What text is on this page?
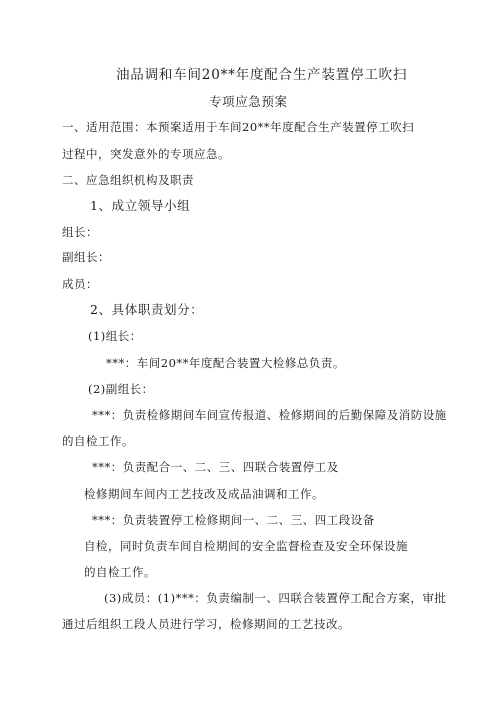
油品调和车间20**年度配合生产装置停工吹扫
专项应急预案
一、适用范围：本预案适用于车间20**年度配合生产装置停工吹扫
过程中，突发意外的专项应急。
二、应急组织机构及职责
1、成立领导小组
组长：
副组长：
成员：
2、具体职责划分：
(1)组长：
***：车间20**年度配合装置大检修总负责。
(2)副组长：
***：负责检修期间车间宣传报道、检修期间的后勤保障及消防设施
的自检工作。
***：负责配合一、二、三、四联合装置停工及
检修期间车间内工艺技改及成品油调和工作。
***：负责装置停工检修期间一、二、三、四工段设备
自检，同时负责车间自检期间的安全监督检查及安全环保设施
的自检工作。
(3)成员：(1)***：负责编制一、四联合装置停工配合方案，审批
通过后组织工段人员进行学习，检修期间的工艺技改。
